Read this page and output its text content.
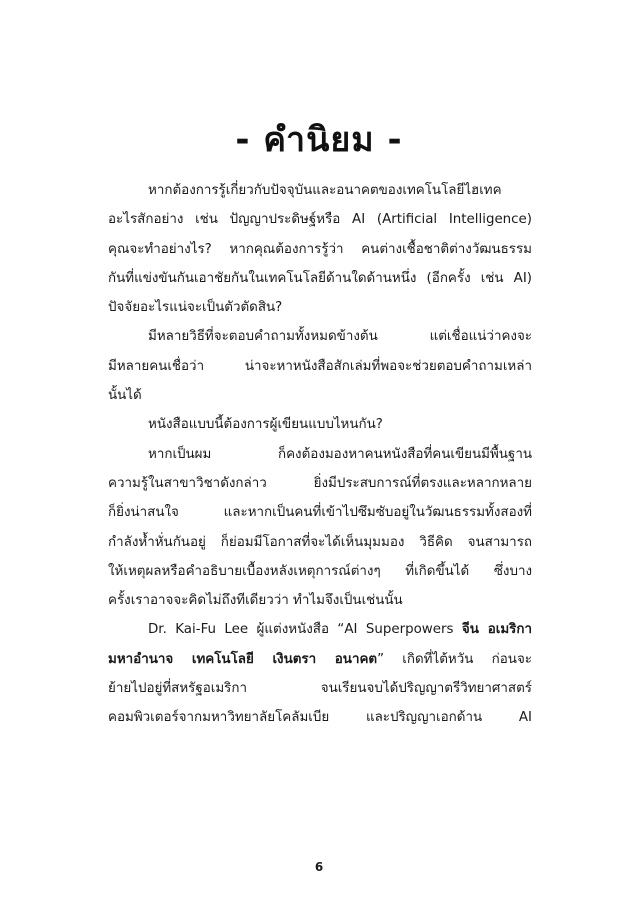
- คำนิยม -
หากต้องการรู้เกี่ยวกับปัจจุบันและอนาคตของเทคโนโลยีไฮเทค
อะไรสักอย่าง เช่น ปัญญาประดิษฐ์หรือ AI (Artificial Intelligence)
คุณจะทำอย่างไร? หากคุณต้องการรู้ว่า คนต่างเชื้อชาติต่างวัฒนธรรม
กันที่แข่งขันกันเอาชัยกันในเทคโนโลยีด้านใดด้านหนึ่ง (อีกครั้ง เช่น AI)
ปัจจัยอะไรแน่จะเป็นตัวตัดสิน?
มีหลายวิธีที่จะตอบคำถามทั้งหมดข้างต้น แต่เชื่อแน่ว่าคงจะ
มีหลายคนเชื่อว่า น่าจะหาหนังสือสักเล่มที่พอจะช่วยตอบคำถามเหล่า
นั้นได้
หนังสือแบบนี้ต้องการผู้เขียนแบบไหนกัน?
หากเป็นผม ก็คงต้องมองหาคนหนังสือที่คนเขียนมีพื้นฐาน
ความรู้ในสาขาวิชาดังกล่าว ยิ่งมีประสบการณ์ที่ตรงและหลากหลาย
ก็ยิ่งน่าสนใจ และหากเป็นคนที่เข้าไปซึมซับอยู่ในวัฒนธรรมทั้งสองที่
กำลังห้ำหั่นกันอยู่ ก็ย่อมมีโอกาสที่จะได้เห็นมุมมอง วิธีคิด จนสามารถ
ให้เหตุผลหรือคำอธิบายเบื้องหลังเหตุการณ์ต่างๆ ที่เกิดขึ้นได้ ซึ่งบาง
ครั้งเราอาจจะคิดไม่ถึงทีเดียวว่า ทำไมจึงเป็นเช่นนั้น
Dr. Kai-Fu Lee ผู้แต่งหนังสือ “AI Superpowers จีน อเมริกา
มหาอำนาจ เทคโนโลยี เงินตรา อนาคต” เกิดที่ไต้หวัน ก่อนจะ
ย้ายไปอยู่ที่สหรัฐอเมริกา จนเรียนจบได้ปริญญาตรีวิทยาศาสตร์
คอมพิวเตอร์จากมหาวิทยาลัยโคลัมเบีย และปริญญาเอกด้าน AI
6
